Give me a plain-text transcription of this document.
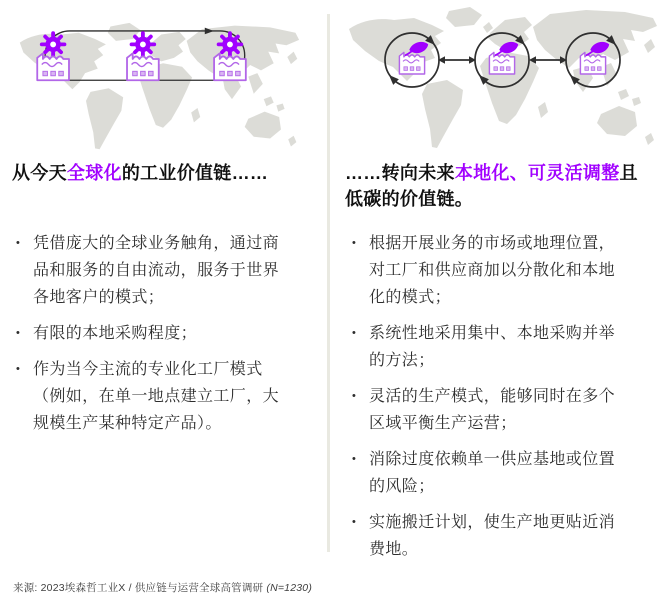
从今天全球化的工业价值链……	……转向未来本地化、可灵活调整且
低碳的价值链。
• 凭借庞大的全球业务触角，通过商品和服务的自由流动，服务于世界各地客户的模式；
• 有限的本地采购程度；
• 作为当今主流的专业化工厂模式（例如，在单一地点建立工厂，大规模生产某种特定产品）。
• 根据开展业务的市场或地理位置，对工厂和供应商加以分散化和本地化的模式；
• 系统性地采用集中、本地采购并举的方法；
• 灵活的生产模式，能够同时在多个区域平衡生产运营；
• 消除过度依赖单一供应基地或位置的风险；
• 实施搬迁计划，使生产地更贴近消费地。
来源: 2023埃森哲工业X / 供应链与运营全球高管调研 (N=1230)
